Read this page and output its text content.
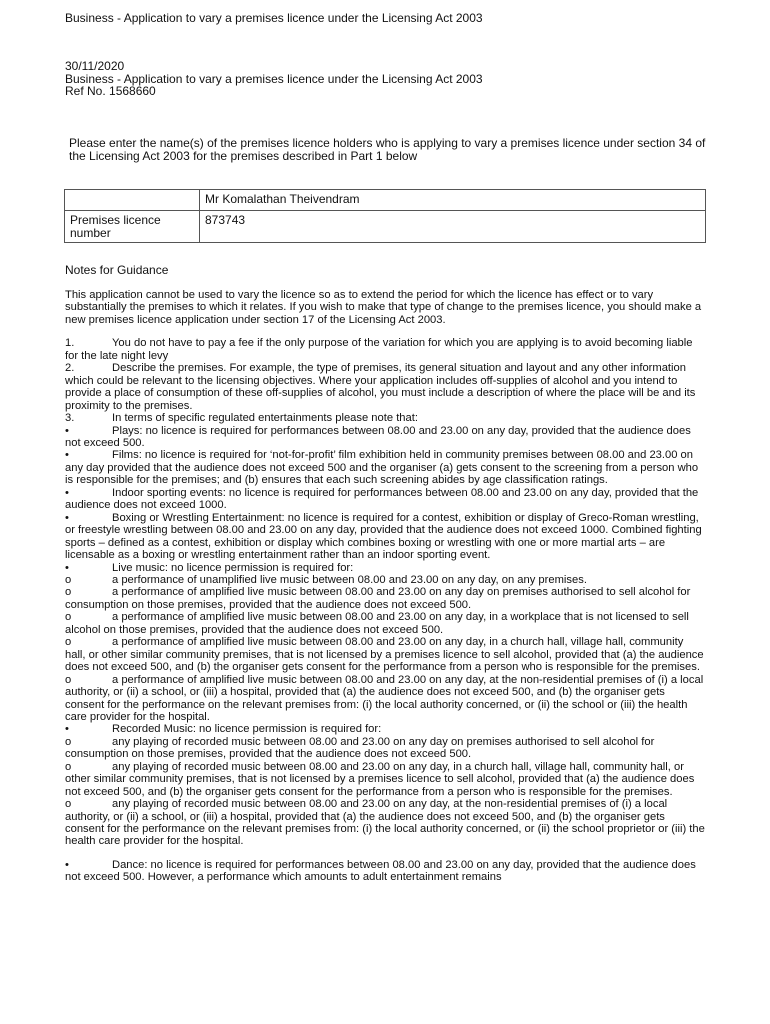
Business - Application to vary a premises licence under the Licensing Act 2003
30/11/2020
Business - Application to vary a premises licence under the Licensing Act 2003
Ref No. 1568660
Please enter the name(s) of the premises licence holders who is applying to vary a premises licence under section 34 of the Licensing Act 2003 for the premises described in Part 1 below
	Mr Komalathan Theivendram
Premises licence number	873743
Notes for Guidance

This application cannot be used to vary the licence so as to extend the period for which the licence has effect or to vary substantially the premises to which it relates. If you wish to make that type of change to the premises licence, you should make a new premises licence application under section 17 of the Licensing Act 2003.

1.	You do not have to pay a fee if the only purpose of the variation for which you are applying is to avoid becoming liable for the late night levy

2.	Describe the premises. For example, the type of premises, its general situation and layout and any other information which could be relevant to the licensing objectives. Where your application includes off-supplies of alcohol and you intend to provide a place of consumption of these off-supplies of alcohol, you must include a description of where the place will be and its proximity to the premises.

3.	In terms of specific regulated entertainments please note that:

•	Plays: no licence is required for performances between 08.00 and 23.00 on any day, provided that the audience does not exceed 500.

•	Films: no licence is required for ‘not-for-profit’ film exhibition held in community premises between 08.00 and 23.00 on any day provided that the audience does not exceed 500 and the organiser (a) gets consent to the screening from a person who is responsible for the premises; and (b) ensures that each such screening abides by age classification ratings.

•	Indoor sporting events: no licence is required for performances between 08.00 and 23.00 on any day, provided that the audience does not exceed 1000.

•	Boxing or Wrestling Entertainment: no licence is required for a contest, exhibition or display of Greco-Roman wrestling, or freestyle wrestling between 08.00 and 23.00 on any day, provided that the audience does not exceed 1000. Combined fighting sports – defined as a contest, exhibition or display which combines boxing or wrestling with one or more martial arts – are licensable as a boxing or wrestling entertainment rather than an indoor sporting event.

•	Live music: no licence permission is required for:

o	a performance of unamplified live music between 08.00 and 23.00 on any day, on any premises.

o	a performance of amplified live music between 08.00 and 23.00 on any day on premises authorised to sell alcohol for consumption on those premises, provided that the audience does not exceed 500.

o	a performance of amplified live music between 08.00 and 23.00 on any day, in a workplace that is not licensed to sell alcohol on those premises, provided that the audience does not exceed 500.

o	a performance of amplified live music between 08.00 and 23.00 on any day, in a church hall, village hall, community hall, or other similar community premises, that is not licensed by a premises licence to sell alcohol, provided that (a) the audience does not exceed 500, and (b) the organiser gets consent for the performance from a person who is responsible for the premises.

o	a performance of amplified live music between 08.00 and 23.00 on any day, at the non-residential premises of (i) a local authority, or (ii) a school, or (iii) a hospital, provided that (a) the audience does not exceed 500, and (b) the organiser gets consent for the performance on the relevant premises from: (i) the local authority concerned, or (ii) the school or (iii) the health care provider for the hospital.

•	Recorded Music: no licence permission is required for:

o	any playing of recorded music between 08.00 and 23.00 on any day on premises authorised to sell alcohol for consumption on those premises, provided that the audience does not exceed 500.

o	any playing of recorded music between 08.00 and 23.00 on any day, in a church hall, village hall, community hall, or other similar community premises, that is not licensed by a premises licence to sell alcohol, provided that (a) the audience does not exceed 500, and (b) the organiser gets consent for the performance from a person who is responsible for the premises.

o	any playing of recorded music between 08.00 and 23.00 on any day, at the non-residential premises of (i) a local authority, or (ii) a school, or (iii) a hospital, provided that (a) the audience does not exceed 500, and (b) the organiser gets consent for the performance on the relevant premises from: (i) the local authority concerned, or (ii) the school proprietor or (iii) the health care provider for the hospital.

•	Dance: no licence is required for performances between 08.00 and 23.00 on any day, provided that the audience does not exceed 500. However, a performance which amounts to adult entertainment remains
